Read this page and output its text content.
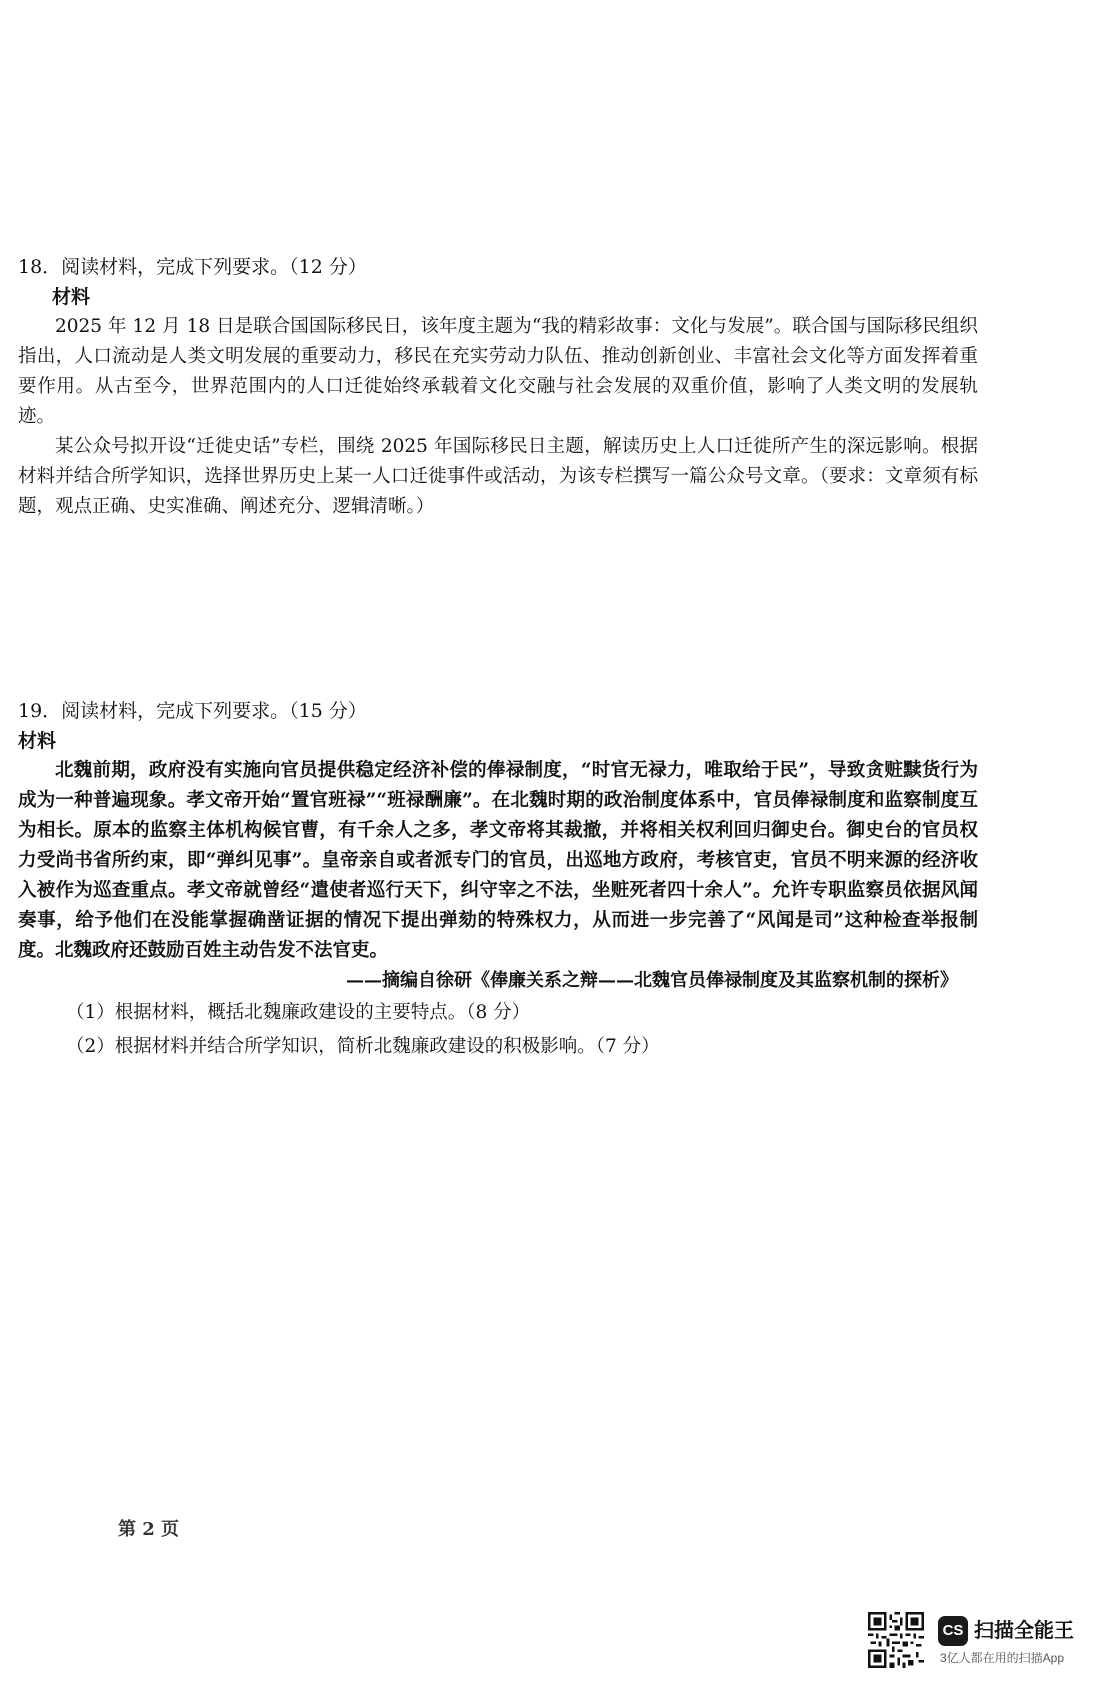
18．阅读材料，完成下列要求。（12 分）
材料

2025 年 12 月 18 日是联合国国际移民日，该年度主题为“我的精彩故事：文化与发展”。联合国与国际移民组织指出，人口流动是人类文明发展的重要动力，移民在充实劳动力队伍、推动创新创业、丰富社会文化等方面发挥着重要作用。从古至今，世界范围内的人口迁徙始终承载着文化交融与社会发展的双重价值，影响了人类文明的发展轨迹。

某公众号拟开设“迁徙史话”专栏，围绕 2025 年国际移民日主题，解读历史上人口迁徙所产生的深远影响。根据材料并结合所学知识，选择世界历史上某一人口迁徙事件或活动，为该专栏撰写一篇公众号文章。（要求：文章须有标题，观点正确、史实准确、阐述充分、逻辑清晰。）

19．阅读材料，完成下列要求。（15 分）
材料

北魏前期，政府没有实施向官员提供稳定经济补偿的俸禄制度，“时官无禄力，唯取给于民”，导致贪赃黩货行为成为一种普遍现象。孝文帝开始“置官班禄”“班禄酬廉”。在北魏时期的政治制度体系中，官员俸禄制度和监察制度互为相长。原本的监察主体机构候官曹，有千余人之多，孝文帝将其裁撤，并将相关权利回归御史台。御史台的官员权力受尚书省所约束，即“弹纠见事”。皇帝亲自或者派专门的官员，出巡地方政府，考核官吏，官员不明来源的经济收入被作为巡查重点。孝文帝就曾经“遣使者巡行天下，纠守宰之不法，坐赃死者四十余人”。允许专职监察员依据风闻奏事，给予他们在没能掌握确凿证据的情况下提出弹劾的特殊权力，从而进一步完善了“风闻是司”这种检查举报制度。北魏政府还鼓励百姓主动告发不法官吏。

——摘编自徐研《俸廉关系之辩——北魏官员俸禄制度及其监察机制的探析》
（1）根据材料，概括北魏廉政建设的主要特点。（8 分）
（2）根据材料并结合所学知识，简析北魏廉政建设的积极影响。（7 分）
第 2 页
CS 扫描全能王
3亿人都在用的扫描App
